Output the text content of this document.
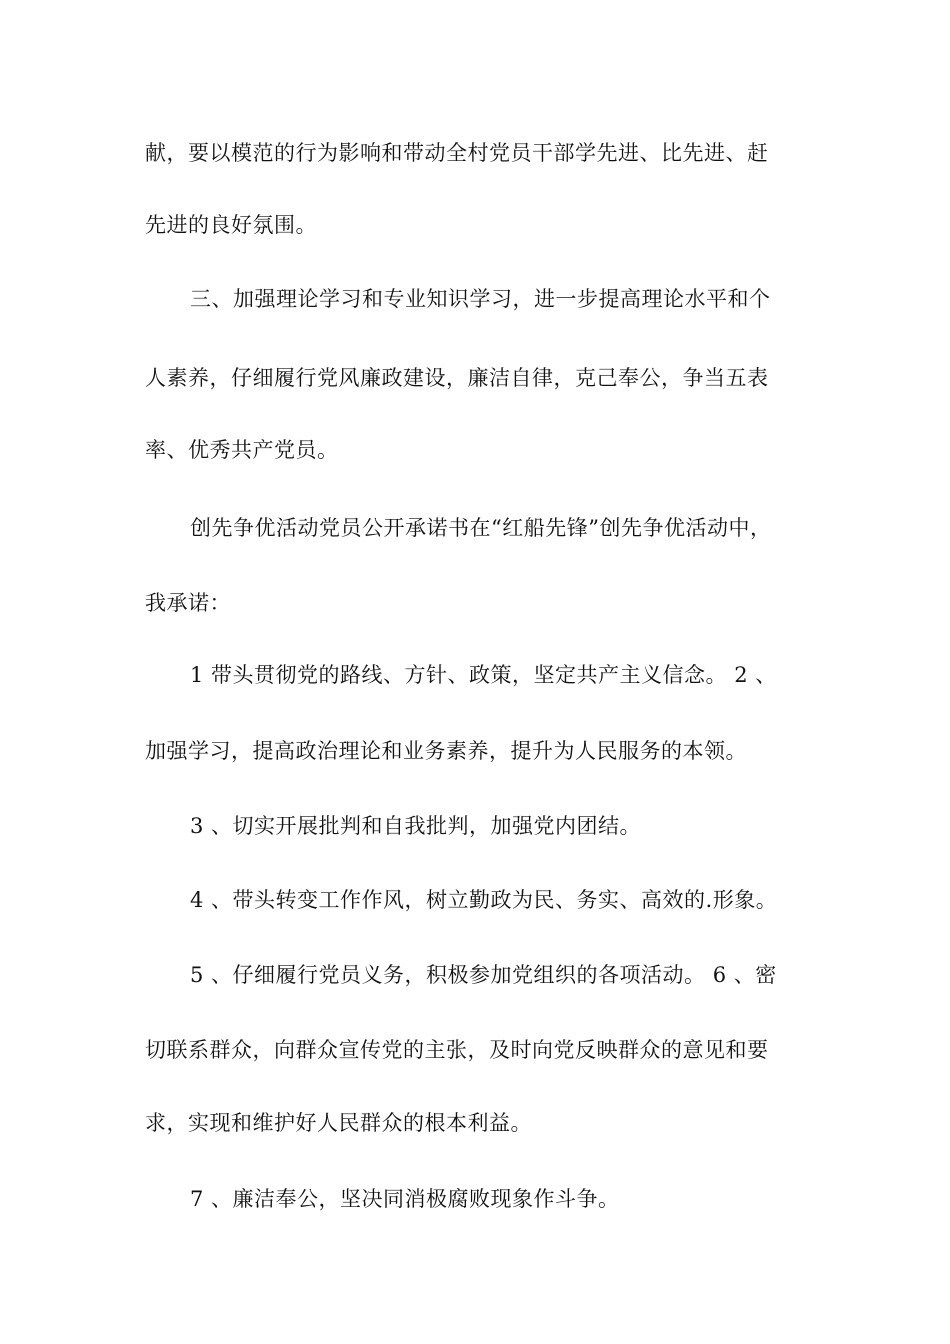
献，要以模范的行为影响和带动全村党员干部学先进、比先进、赶

先进的良好氛围。

三、加强理论学习和专业知识学习，进一步提高理论水平和个

人素养，仔细履行党风廉政建设，廉洁自律，克己奉公，争当五表

率、优秀共产党员。

创先争优活动党员公开承诺书在“红船先锋”创先争优活动中，

我承诺：

1 带头贯彻党的路线、方针、政策，坚定共产主义信念。 2 、

加强学习，提高政治理论和业务素养，提升为人民服务的本领。

3 、切实开展批判和自我批判，加强党内团结。

4 、带头转变工作作风，树立勤政为民、务实、高效的.形象。

5 、仔细履行党员义务，积极参加党组织的各项活动。 6 、密

切联系群众，向群众宣传党的主张，及时向党反映群众的意见和要

求，实现和维护好人民群众的根本利益。

7 、廉洁奉公，坚决同消极腐败现象作斗争。
